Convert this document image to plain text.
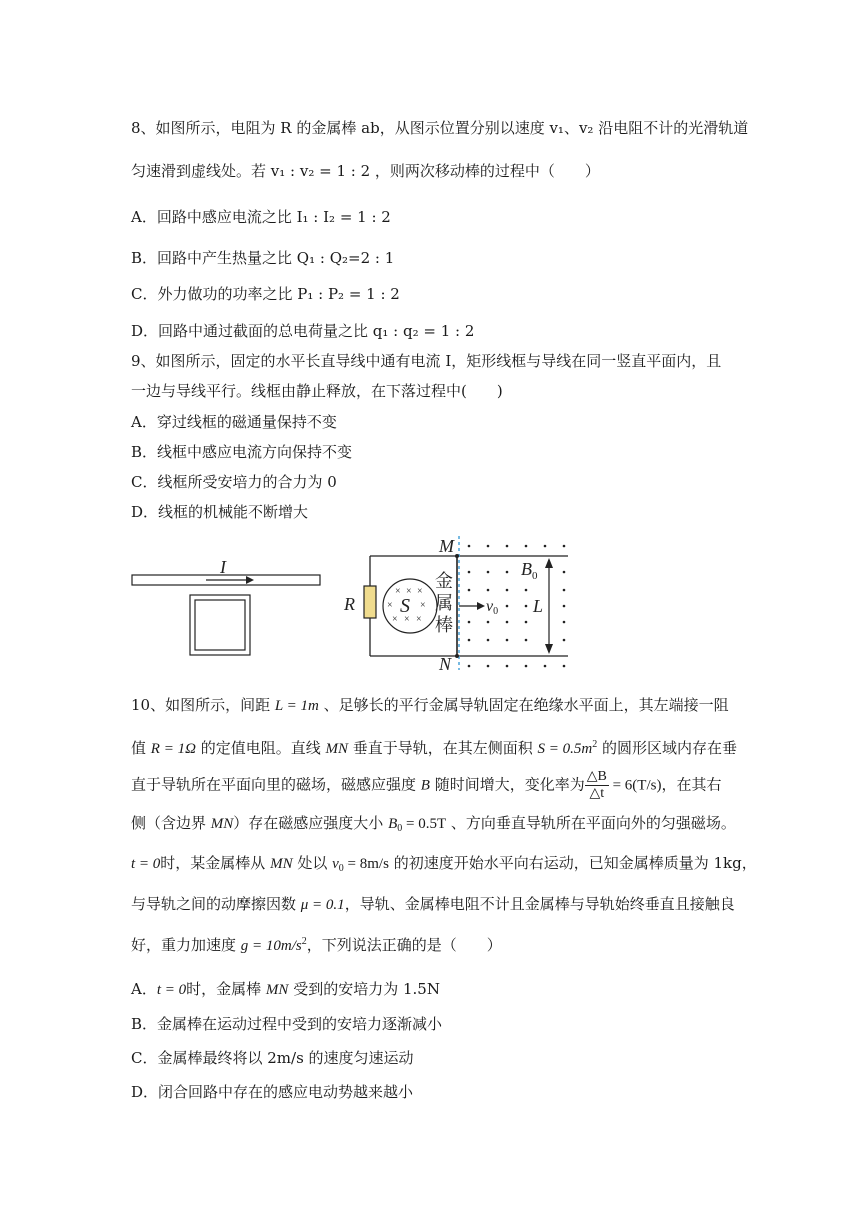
8、如图所示，电阻为 R 的金属棒 ab，从图示位置分别以速度 v₁、v₂ 沿电阻不计的光滑轨道
匀速滑到虚线处。若 v₁ : v₂ = 1 : 2 ，则两次移动棒的过程中（　　）
A．回路中感应电流之比 I₁ : I₂ = 1 : 2
B．回路中产生热量之比 Q₁ : Q₂=2 : 1
C．外力做功的功率之比 P₁ : P₂ = 1 : 2
D．回路中通过截面的总电荷量之比 q₁ : q₂ = 1 : 2
9、如图所示，固定的水平长直导线中通有电流 I，矩形线框与导线在同一竖直平面内，且
一边与导线平行。线框由静止释放，在下落过程中(　　)
A．穿过线框的磁通量保持不变
B．线框中感应电流方向保持不变
C．线框所受安培力的合力为 0
D．线框的机械能不断增大
I
R
× × ×
×	×
× × ×
S
金
属
棒
M
N
v0
$B_0$
L
10、如图所示，间距 L = 1m 、足够长的平行金属导轨固定在绝缘水平面上，其左端接一阻
值 R = 1Ω 的定值电阻。直线 MN 垂直于导轨，在其左侧面积 $S = 0.5m^2$ 的圆形区域内存在垂
直于导轨所在平面向里的磁场，磁感应强度 B 随时间增大，变化率为 $\frac{\triangle B}{\triangle t} = 6(T/s)$，在其右
侧（含边界 MN）存在磁感应强度大小 $B_0 = 0.5T$ 、方向垂直导轨所在平面向外的匀强磁场。
t = 0时，某金属棒从 MN 处以 $v_0 = 8m/s$ 的初速度开始水平向右运动，已知金属棒质量为 1kg，
与导轨之间的动摩擦因数 μ = 0.1，导轨、金属棒电阻不计且金属棒与导轨始终垂直且接触良
好，重力加速度 $g = 10m/s^2$，下列说法正确的是（　　）
A．t = 0时，金属棒 MN 受到的安培力为 1.5N
B．金属棒在运动过程中受到的安培力逐渐减小
C．金属棒最终将以 2m/s 的速度匀速运动
D．闭合回路中存在的感应电动势越来越小
